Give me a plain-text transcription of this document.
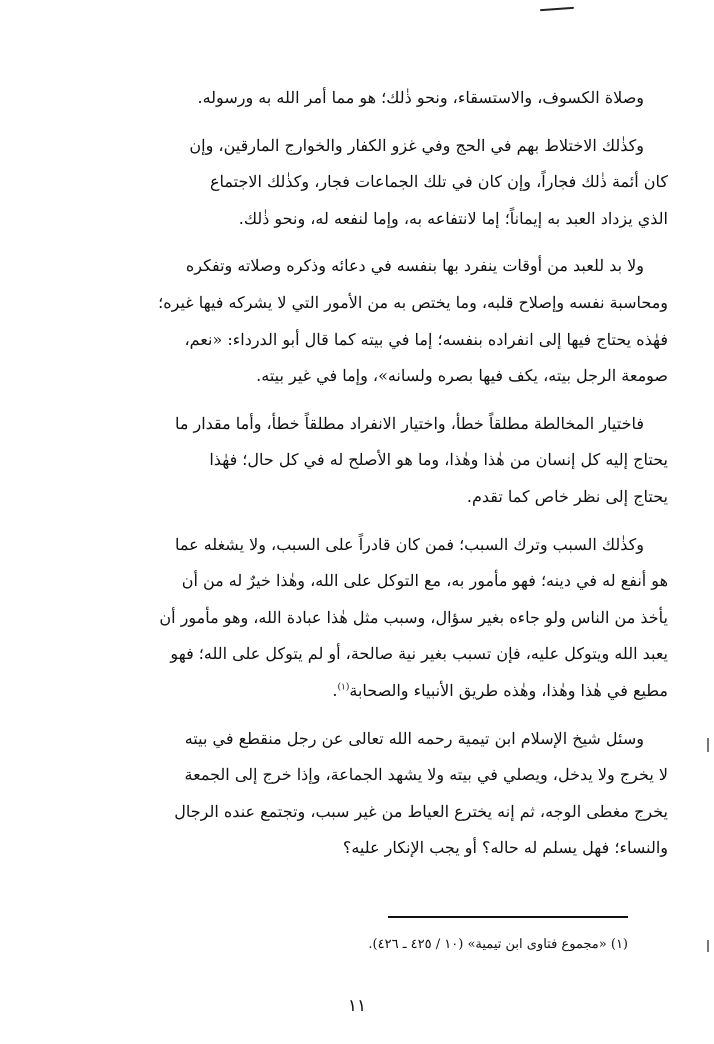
وصلاة الكسوف، والاستسقاء، ونحو ذٰلك؛ هو مما أمر الله به ورسوله.
وكذٰلك الاختلاط بهم في الحج وفي غزو الكفار والخوارج المارقين، وإن
كان أئمة ذٰلك فجاراً، وإن كان في تلك الجماعات فجار، وكذٰلك الاجتماع
الذي يزداد العبد به إيماناً؛ إما لانتفاعه به، وإما لنفعه له، ونحو ذٰلك.
ولا بد للعبد من أوقات ينفرد بها بنفسه في دعائه وذكره وصلاته وتفكره
ومحاسبة نفسه وإصلاح قلبه، وما يختص به من الأمور التي لا يشركه فيها غيره؛
فهٰذه يحتاج فيها إلى انفراده بنفسه؛ إما في بيته كما قال أبو الدرداء: «نعم،
صومعة الرجل بيته، يكف فيها بصره ولسانه»، وإما في غير بيته.
فاختيار المخالطة مطلقاً خطأ، واختيار الانفراد مطلقاً خطأ، وأما مقدار ما
يحتاج إليه كل إنسان من هٰذا وهٰذا، وما هو الأصلح له في كل حال؛ فهٰذا
يحتاج إلى نظر خاص كما تقدم.
وكذٰلك السبب وترك السبب؛ فمن كان قادراً على السبب، ولا يشغله عما
هو أنفع له في دينه؛ فهو مأمور به، مع التوكل على الله، وهٰذا خيرٌ له من أن
يأخذ من الناس ولو جاءه بغير سؤال، وسبب مثل هٰذا عبادة الله، وهو مأمور أن
يعبد الله ويتوكل عليه، فإن تسبب بغير نية صالحة، أو لم يتوكل على الله؛ فهو
مطيع في هٰذا وهٰذا، وهٰذه طريق الأنبياء والصحابة$^{(١)}$.
وسئل شيخ الإسلام ابن تيمية رحمه الله تعالى عن رجل منقطع في بيته
لا يخرج ولا يدخل، ويصلي في بيته ولا يشهد الجماعة، وإذا خرج إلى الجمعة
يخرج مغطى الوجه، ثم إنه يخترع العياط من غير سبب، وتجتمع عنده الرجال
والنساء؛ فهل يسلم له حاله؟ أو يجب الإنكار عليه؟
(١) «مجموع فتاوى ابن تيمية» (١٠ / ٤٢٥ ـ ٤٢٦).
١١
